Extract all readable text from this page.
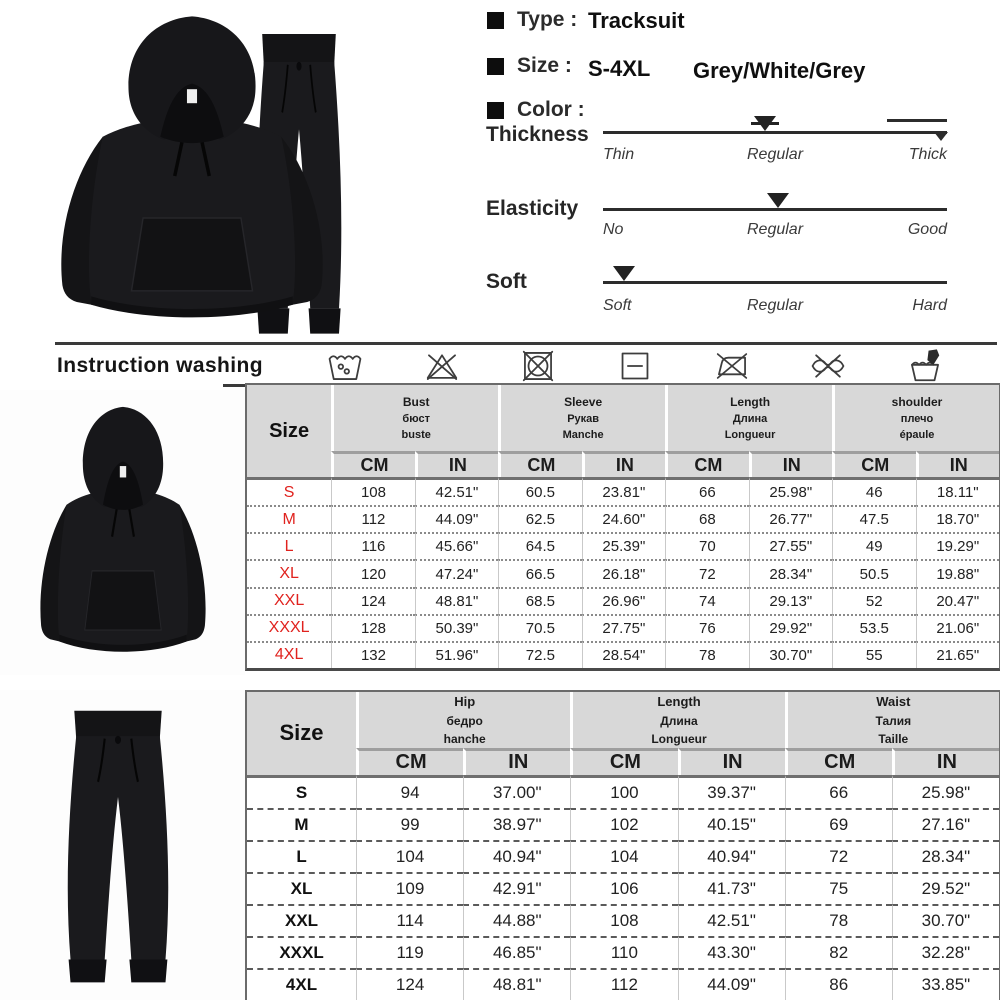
Type : Tracksuit
Size : S-4XL Grey/White/Grey
Color :
Thickness
Thin	Regular	Thick
Elasticity
No	Regular	Good
Soft
Soft	Regular	Hard
Instruction washing
Size	
Bust
бюст
buste

Sleeve
Рукав
Manche

Length
Длина
Longueur

shoulder
плечо
épaule

	CM	IN	CM	IN	CM	IN	CM	IN
S	108	42.51"	60.5	23.81"	66	25.98"	46	18.11"
M	112	44.09"	62.5	24.60"	68	26.77"	47.5	18.70"
L	116	45.66"	64.5	25.39"	70	27.55"	49	19.29"
XL	120	47.24"	66.5	26.18"	72	28.34"	50.5	19.88"
XXL	124	48.81"	68.5	26.96"	74	29.13"	52	20.47"
XXXL	128	50.39"	70.5	27.75"	76	29.92"	53.5	21.06"
4XL	132	51.96"	72.5	28.54"	78	30.70"	55	21.65"
Size	
Hip
бедро
hanche

Length
Длина
Longueur

Waist
Талия
Taille

	CM	IN	CM	IN	CM	IN
S	94	37.00"	100	39.37"	66	25.98"
M	99	38.97"	102	40.15"	69	27.16"
L	104	40.94"	104	40.94"	72	28.34"
XL	109	42.91"	106	41.73"	75	29.52"
XXL	114	44.88"	108	42.51"	78	30.70"
XXXL	119	46.85"	110	43.30"	82	32.28"
4XL	124	48.81"	112	44.09"	86	33.85"
